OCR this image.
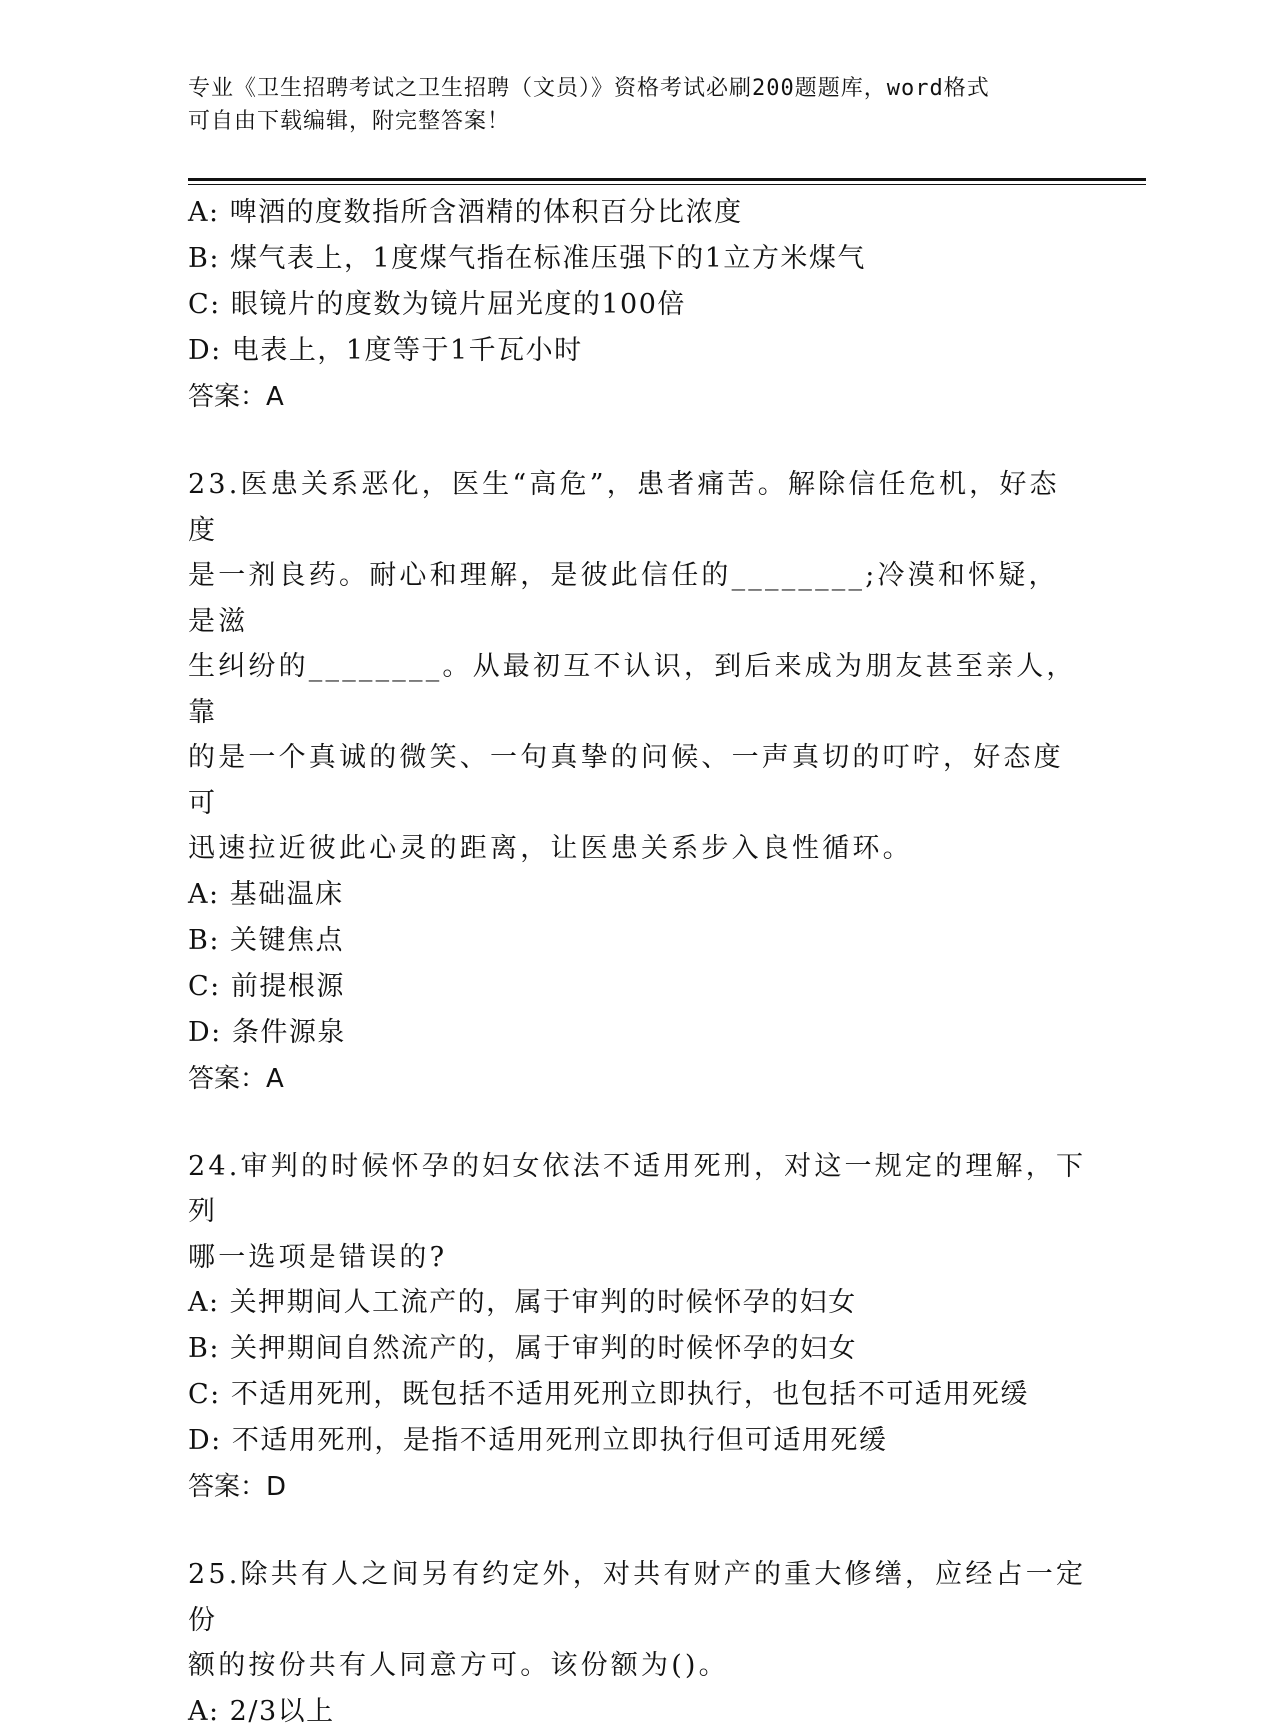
专业《卫生招聘考试之卫生招聘（文员）》资格考试必刷200题题库，word格式
可自由下载编辑，附完整答案！
A: 啤酒的度数指所含酒精的体积百分比浓度
B: 煤气表上，1度煤气指在标准压强下的1立方米煤气
C: 眼镜片的度数为镜片屈光度的100倍
D: 电表上，1度等于1千瓦小时
答案：A
23.医患关系恶化，医生“高危”，患者痛苦。解除信任危机，好态度
是一剂良药。耐心和理解，是彼此信任的________;冷漠和怀疑，是滋
生纠纷的________。从最初互不认识，到后来成为朋友甚至亲人，靠
的是一个真诚的微笑、一句真挚的问候、一声真切的叮咛，好态度可
迅速拉近彼此心灵的距离，让医患关系步入良性循环。
A: 基础温床
B: 关键焦点
C: 前提根源
D: 条件源泉
答案：A
24.审判的时候怀孕的妇女依法不适用死刑，对这一规定的理解，下列
哪一选项是错误的?
A: 关押期间人工流产的，属于审判的时候怀孕的妇女
B: 关押期间自然流产的，属于审判的时候怀孕的妇女
C: 不适用死刑，既包括不适用死刑立即执行，也包括不可适用死缓
D: 不适用死刑，是指不适用死刑立即执行但可适用死缓
答案：D
25.除共有人之间另有约定外，对共有财产的重大修缮，应经占一定份
额的按份共有人同意方可。该份额为()。
A: 2/3以上
